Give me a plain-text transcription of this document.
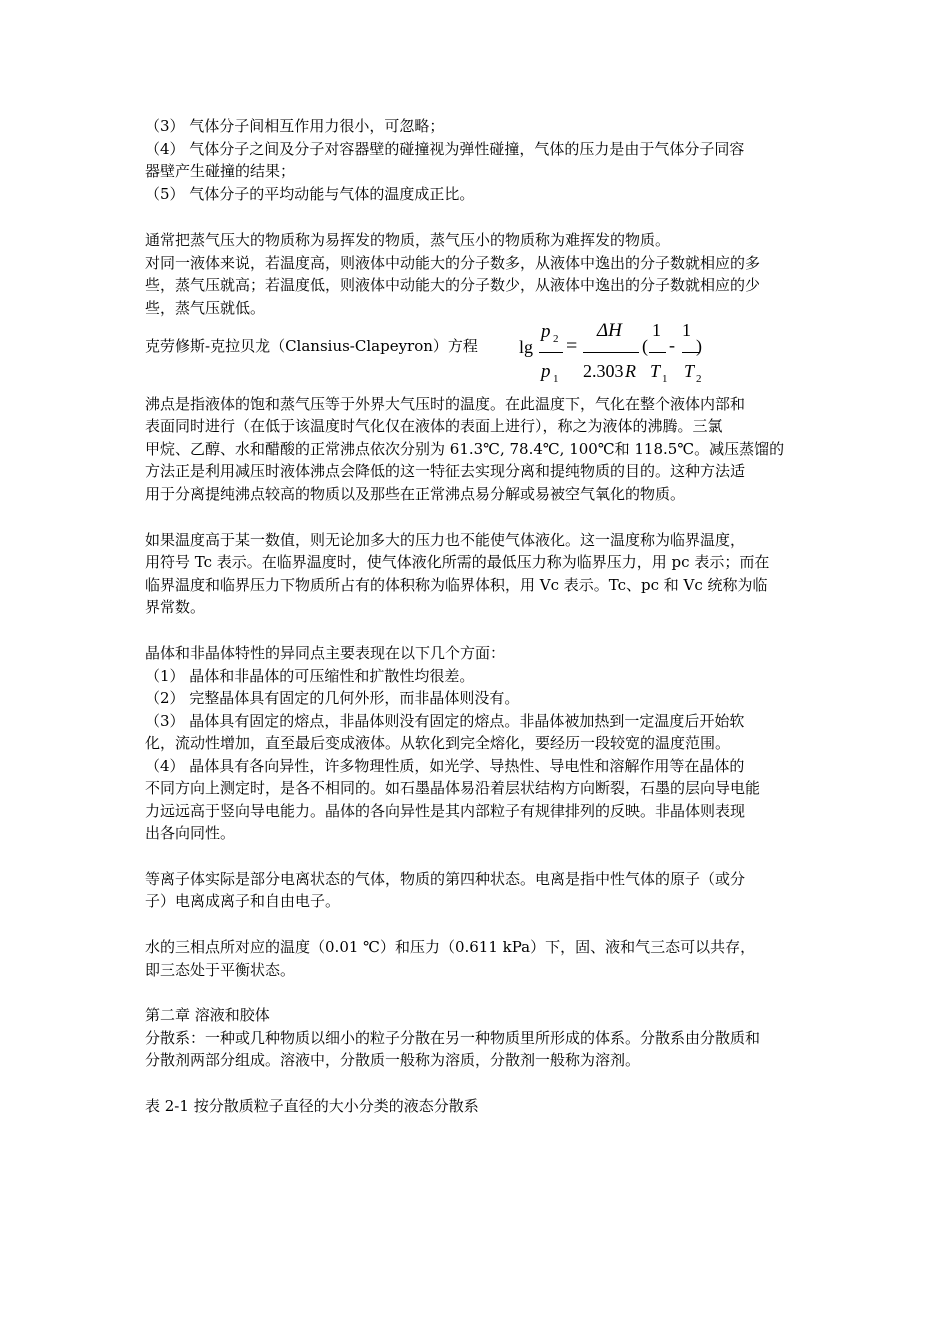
（3） 气体分子间相互作用力很小，可忽略；
（4） 气体分子之间及分子对容器壁的碰撞视为弹性碰撞，气体的压力是由于气体分子同容
器壁产生碰撞的结果；
（5） 气体分子的平均动能与气体的温度成正比。
通常把蒸气压大的物质称为易挥发的物质，蒸气压小的物质称为难挥发的物质。
对同一液体来说，若温度高，则液体中动能大的分子数多，从液体中逸出的分子数就相应的多
些，蒸气压就高；若温度低，则液体中动能大的分子数少，从液体中逸出的分子数就相应的少
些，蒸气压就低。
克劳修斯-克拉贝龙（Clansius-Clapeyron）方程 lg
p 2
p 1
=
ΔH
2.303 R
(
1
T 1
-
1
T 2
)
沸点是指液体的饱和蒸气压等于外界大气压时的温度。在此温度下，气化在整个液体内部和
表面同时进行（在低于该温度时气化仅在液体的表面上进行），称之为液体的沸腾。三氯
甲烷、乙醇、水和醋酸的正常沸点依次分别为 61.3℃, 78.4℃, 100℃和 118.5℃。减压蒸馏的
方法正是利用减压时液体沸点会降低的这一特征去实现分离和提纯物质的目的。这种方法适
用于分离提纯沸点较高的物质以及那些在正常沸点易分解或易被空气氧化的物质。
如果温度高于某一数值，则无论加多大的压力也不能使气体液化。这一温度称为临界温度，
用符号 Tc 表示。在临界温度时，使气体液化所需的最低压力称为临界压力，用 pc 表示；而在
临界温度和临界压力下物质所占有的体积称为临界体积，用 Vc 表示。Tc、pc 和 Vc 统称为临
界常数。
晶体和非晶体特性的异同点主要表现在以下几个方面：
（1） 晶体和非晶体的可压缩性和扩散性均很差。
（2） 完整晶体具有固定的几何外形，而非晶体则没有。
（3） 晶体具有固定的熔点，非晶体则没有固定的熔点。非晶体被加热到一定温度后开始软
化，流动性增加，直至最后变成液体。从软化到完全熔化，要经历一段较宽的温度范围。
（4） 晶体具有各向异性，许多物理性质，如光学、导热性、导电性和溶解作用等在晶体的
不同方向上测定时，是各不相同的。如石墨晶体易沿着层状结构方向断裂，石墨的层向导电能
力远远高于竖向导电能力。晶体的各向异性是其内部粒子有规律排列的反映。非晶体则表现
出各向同性。
等离子体实际是部分电离状态的气体，物质的第四种状态。电离是指中性气体的原子（或分
子）电离成离子和自由电子。
水的三相点所对应的温度（0.01 ℃）和压力（0.611 kPa）下，固、液和气三态可以共存，
即三态处于平衡状态。
第二章 溶液和胶体
分散系：一种或几种物质以细小的粒子分散在另一种物质里所形成的体系。分散系由分散质和
分散剂两部分组成。溶液中，分散质一般称为溶质，分散剂一般称为溶剂。
表 2-1 按分散质粒子直径的大小分类的液态分散系
